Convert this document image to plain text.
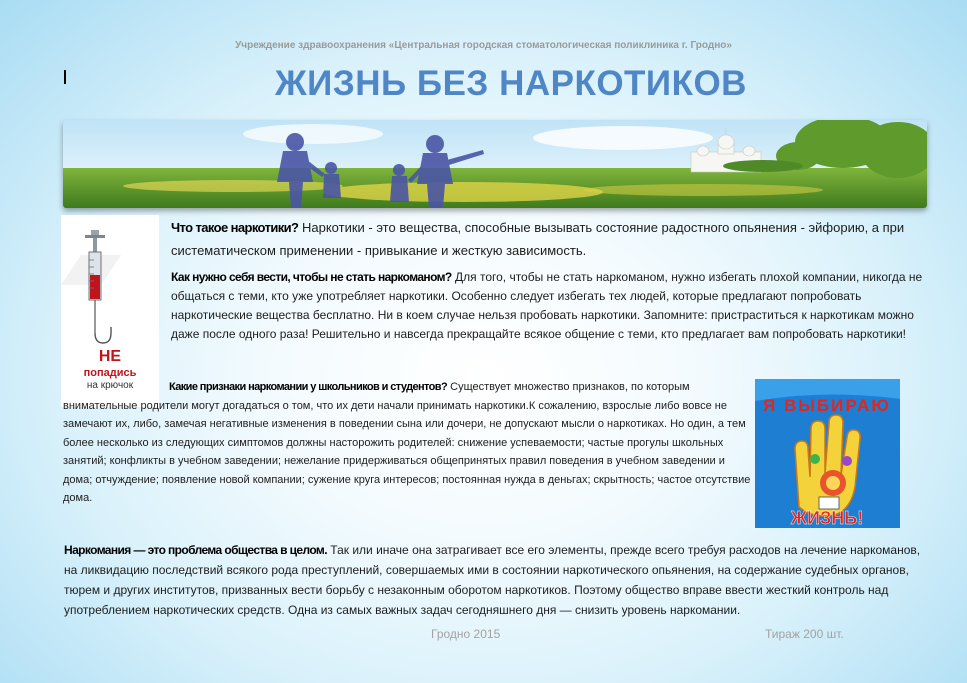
Учреждение здравоохранения «Центральная городская стоматологическая поликлиника г. Гродно»
ЖИЗНЬ БЕЗ НАРКОТИКОВ
НЕ
попадись
на крючок
Я ВЫБИРАЮ
ЖИЗНЬ!

Что такое наркотики? Наркотики - это вещества, способные вызывать состояние радостного опьянения - эйфорию, а при систематическом применении - привыкание и жесткую зависимость.

Как нужно себя вести, чтобы не стать наркоманом? Для того, чтобы не стать наркоманом, нужно избегать плохой компании, никогда не общаться с теми, кто уже употребляет наркотики. Особенно следует избегать тех людей, которые предлагают попробовать наркотические вещества бесплатно. Ни в коем случае нельзя пробовать наркотики. Запомните: пристраститься к наркотикам можно даже после одного раза! Решительно и навсегда прекращайте всякое общение с теми, кто предлагает вам попробовать наркотики!

Какие признаки наркомании у школьников и студентов? Существует множество признаков, по которым внимательные родители могут догадаться о том, что их дети начали принимать наркотики.К сожалению, взрослые либо вовсе не замечают их, либо, замечая негативные изменения в поведении сына или дочери, не допускают мысли о наркотиках. Но один, а тем более несколько из следующих симптомов должны насторожить родителей: снижение успеваемости; частые прогулы школьных занятий; конфликты в учебном заведении; нежелание придерживаться общепринятых правил поведения в учебном заведении и дома; отчуждение; появление новой компании; сужение круга интересов; постоянная нужда в деньгах; скрытность; частое отсутствие дома.

Наркомания — это проблема общества в целом. Так или иначе она затрагивает все его элементы, прежде всего требуя расходов на лечение наркоманов, на ликвидацию последствий всякого рода преступлений, совершаемых ими в состоянии наркотического опьянения, на содержание судебных органов, тюрем и других институтов, призванных вести борьбу с незаконным оборотом наркотиков. Поэтому общество вправе ввести жесткий контроль над употреблением наркотических средств. Одна из самых важных задач сегодняшнего дня — снизить уровень наркомании.

Гродно 2015	Тираж 200 шт.
